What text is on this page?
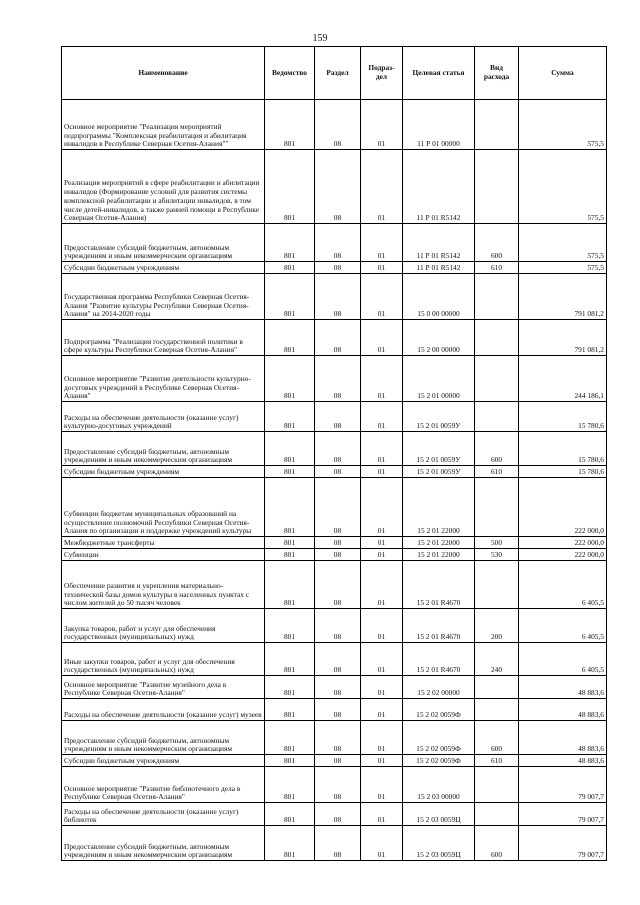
159
Наименование	Ведомство	Раздел	Подраз-дел	Целевая статья	Вид расхода	Сумма
Основное мероприятие "Реализация мероприятий подпрограммы "Комплексная реабилитация и абилитация инвалидов в Республике Северная Осетия-Алания""	801	08	01	11 Р 01 00000		575,5
Реализация мероприятий в сфере реабилитации и абилитации инвалидов (Формирование условий для развития системы комплексной реабилитации и абилитации инвалидов, в том числе детей-инвалидов, а также ранней помощи в Республике Северная Осетия-Алания)	801	08	01	11 Р 01 R5142		575,5
Предоставление субсидий бюджетным, автономным учреждениям и иным некоммерческим организациям	801	08	01	11 Р 01 R5142	600	575,5
Субсидии бюджетным учреждениям	801	08	01	11 Р 01 R5142	610	575,5
Государственная программа Республики Северная Осетия-Алания "Развитие культуры Республики Северная Осетия-Алания" на 2014-2020 годы	801	08	01	15 0 00 00000		791 081,2
Подпрограмма "Реализация государственной политики в сфере культуры Республики Северная Осетия-Алания"	801	08	01	15 2 00 00000		791 081,2
Основное мероприятие "Развитие деятельности культурно-досуговых учреждений в Республике Северная Осетия-Алания"	801	08	01	15 2 01 00000		244 186,1
Расходы на обеспечение деятельности (оказание услуг) культурно-досуговых учреждений	801	08	01	15 2 01 0059У		15 780,6
Предоставление субсидий бюджетным, автономным учреждениям и иным некоммерческим организациям	801	08	01	15 2 01 0059У	600	15 780,6
Субсидии бюджетным учреждениям	801	08	01	15 2 01 0059У	610	15 780,6
Субвенции бюджетам муниципальных образований на осуществление полномочий Республики Северная Осетия-Алания по организации и поддержке учреждений культуры	801	08	01	15 2 01 22000		222 000,0
Межбюджетные трансферты	801	08	01	15 2 01 22000	500	222 000,0
Субвенции	801	08	01	15 2 01 22000	530	222 000,0
Обеспечение развития и укрепления материально-технической базы домов культуры в населенных пунктах с числом жителей до 50 тысяч человек	801	08	01	15 2 01 R4670		6 405,5
Закупка товаров, работ и услуг для обеспечения государственных (муниципальных) нужд	801	08	01	15 2 01 R4670	200	6 405,5
Иные закупки товаров, работ и услуг для обеспечения государственных (муниципальных) нужд	801	08	01	15 2 01 R4670	240	6 405,5
Основное мероприятие "Развитие музейного дела в Республике Северная Осетия-Алания"	801	08	01	15 2 02 00000		48 883,6
Расходы на обеспечение деятельности (оказание услуг) музеев	801	08	01	15 2 02 0059Ф		48 883,6
Предоставление субсидий бюджетным, автономным учреждениям и иным некоммерческим организациям	801	08	01	15 2 02 0059Ф	600	48 883,6
Субсидии бюджетным учреждениям	801	08	01	15 2 02 0059Ф	610	48 883,6
Основное мероприятие "Развитие библиотечного дела в Республике Северная Осетия-Алания"	801	08	01	15 2 03 00000		79 007,7
Расходы на обеспечение деятельности (оказание услуг) библиотек	801	08	01	15 2 03 0059Ц		79 007,7
Предоставление субсидий бюджетным, автономным учреждениям и иным некоммерческим организациям	801	08	01	15 2 03 0059Ц	600	79 007,7
